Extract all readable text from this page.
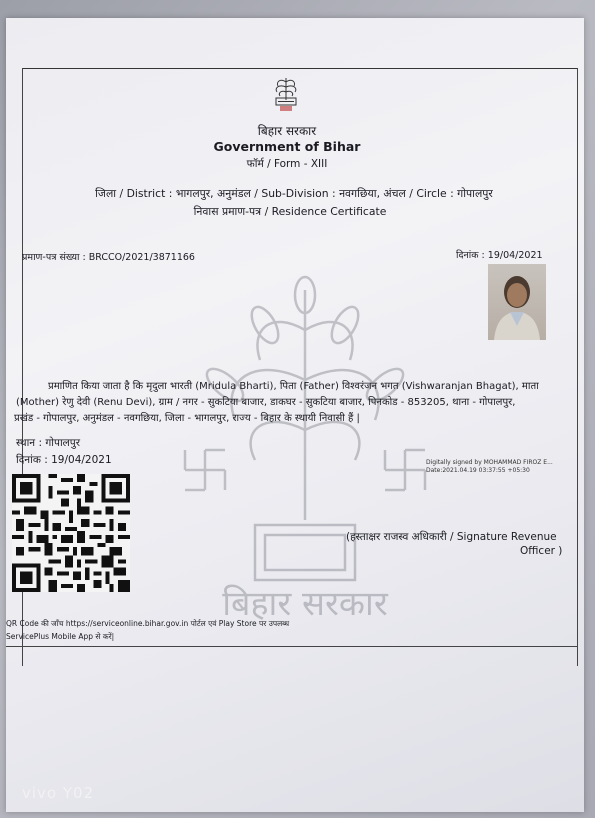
बिहार सरकार
Government of Bihar
फॉर्म / Form - XIII
जिला / District : भागलपुर, अनुमंडल / Sub-Division : नवगछिया, अंचल / Circle : गोपालपुर
निवास प्रमाण-पत्र / Residence Certificate
प्रमाण-पत्र संख्या : BRCCO/2021/3871166	दिनांक : 19/04/2021
बिहार सरकार
प्रमाणित किया जाता है कि मृदुला भारती (Mridula Bharti), पिता (Father) विश्वरंजन भगत (Vishwaranjan Bhagat), माता
(Mother) रेणु देवी (Renu Devi), ग्राम / नगर - सुकटिया बाजार, डाकघर - सुकटिया बाजार, पिनकोड - 853205, थाना - गोपालपुर,
प्रखंड - गोपालपुर, अनुमंडल - नवगछिया, जिला - भागलपुर, राज्य - बिहार के स्थायी निवासी हैं |
स्थान : गोपालपुर
दिनांक : 19/04/2021	Digitally signed by MOHAMMAD FIROZ E...
Date:2021.04.19 03:37:55 +05:30
(हस्ताक्षर राजस्व अधिकारी / Signature Revenue
Officer )
QR Code की जाँच https://serviceonline.bihar.gov.in पोर्टल एवं Play Store पर उपलब्ध
ServicePlus Mobile App से करें|
vivo Y02
